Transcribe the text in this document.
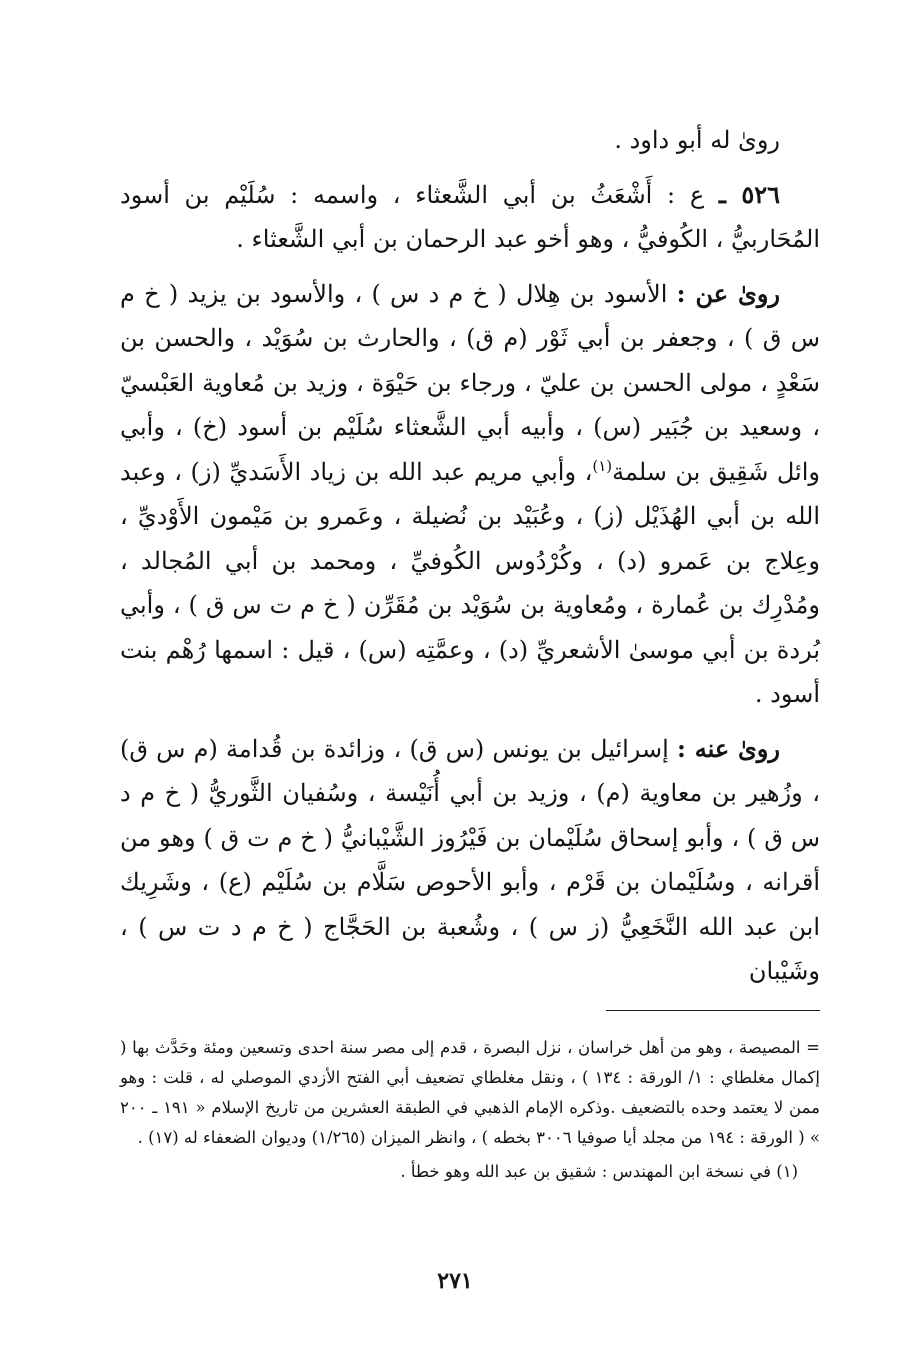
روىٰ له أبو داود .

٥٢٦ ـ ع : أَشْعَثُ بن أبي الشَّعثاء ، واسمه : سُلَيْم بن أسود المُحَاربيُّ ، الكُوفيُّ ، وهو أخو عبد الرحمان بن أبي الشَّعثاء .

روىٰ عن : الأسود بن هِلال ( خ م د س ) ، والأسود بن يزيد ( خ م س ق ) ، وجعفر بن أبي ثَوْر (م ق) ، والحارث بن سُوَيْد ، والحسن بن سَعْدٍ ، مولى الحسن بن عليّ ، ورجاء بن حَيْوَة ، وزيد بن مُعاوية العَبْسيّ ، وسعيد بن جُبَير (س) ، وأبيه أبي الشَّعثاء سُلَيْم بن أسود (خ) ، وأبي وائل شَقِيق بن سلمة$^{(١)}$، وأبي مريم عبد الله بن زياد الأَسَديِّ (ز) ، وعبد الله بن أبي الهُذَيْل (ز) ، وعُبَيْد بن نُضيلة ، وعَمرو بن مَيْمون الأَوْديِّ ، وعِلاج بن عَمرو (د) ، وكُرْدُوس الكُوفيِّ ، ومحمد بن أبي المُجالد ، ومُدْرِك بن عُمارة ، ومُعاوية بن سُوَيْد بن مُقَرِّن ( خ م ت س ق ) ، وأبي بُردة بن أبي موسىٰ الأشعريِّ (د) ، وعمَّتِه (س) ، قيل : اسمها رُهْم بنت أسود .

روىٰ عنه : إسرائيل بن يونس (س ق) ، وزائدة بن قُدامة (م س ق) ، وزُهير بن معاوية (م) ، وزيد بن أبي أُنَيْسة ، وسُفيان الثَّوريُّ ( خ م د س ق ) ، وأبو إسحاق سُلَيْمان بن فَيْرُوز الشَّيْبانيُّ ( خ م ت ق ) وهو من أقرانه ، وسُلَيْمان بن قَرْم ، وأبو الأحوص سَلَّام بن سُلَيْم (ع) ، وشَرِيك ابن عبد الله النَّخَعِيُّ (ز س ) ، وشُعبة بن الحَجَّاج ( خ م د ت س ) ، وشَيْبان

= المصيصة ، وهو من أهل خراسان ، نزل البصرة ، قدم إلى مصر سنة احدى وتسعين ومئة وحَدَّث بها ( إكمال مغلطاي : ١/ الورقة : ١٣٤ ) ، ونقل مغلطاي تضعيف أبي الفتح الأزدي الموصلي له ، قلت : وهو ممن لا يعتمد وحده بالتضعيف .وذكره الإمام الذهبي في الطبقة العشرين من تاريخ الإسلام « ١٩١ ـ ٢٠٠ » ( الورقة : ١٩٤ من مجلد أيا صوفيا ٣٠٠٦ بخطه ) ، وانظر الميزان (١/٢٦٥) وديوان الضعفاء له (١٧) .

(١) في نسخة ابن المهندس : شقيق بن عبد الله وهو خطأ .

٢٧١
